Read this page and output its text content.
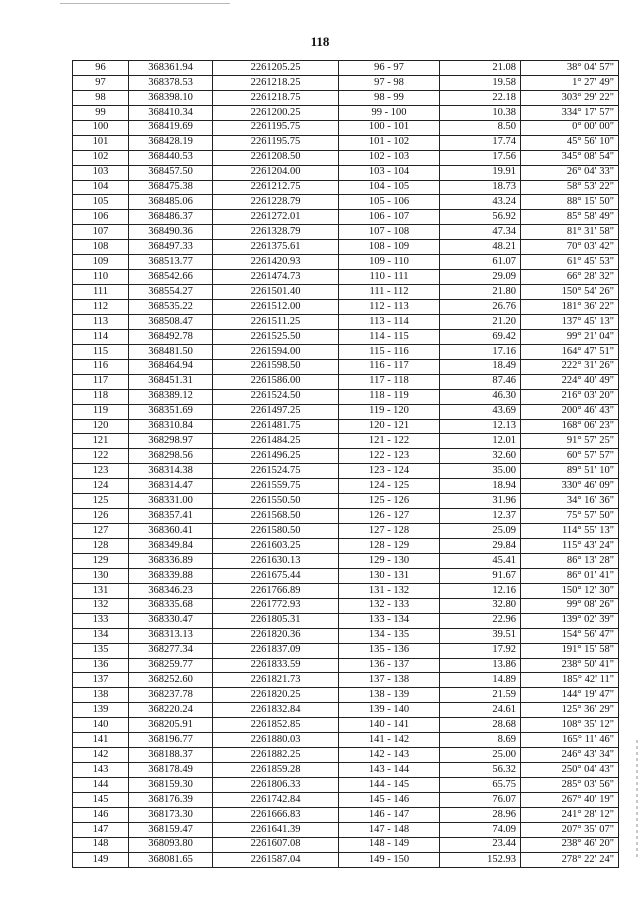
118
96	368361.94	2261205.25	96 - 97	21.08	38° 04' 57"
97	368378.53	2261218.25	97 - 98	19.58	1° 27' 49"
98	368398.10	2261218.75	98 - 99	22.18	303° 29' 22"
99	368410.34	2261200.25	99 - 100	10.38	334° 17' 57"
100	368419.69	2261195.75	100 - 101	8.50	0° 00' 00"
101	368428.19	2261195.75	101 - 102	17.74	45° 56' 10"
102	368440.53	2261208.50	102 - 103	17.56	345° 08' 54"
103	368457.50	2261204.00	103 - 104	19.91	26° 04' 33"
104	368475.38	2261212.75	104 - 105	18.73	58° 53' 22"
105	368485.06	2261228.79	105 - 106	43.24	88° 15' 50"
106	368486.37	2261272.01	106 - 107	56.92	85° 58' 49"
107	368490.36	2261328.79	107 - 108	47.34	81° 31' 58"
108	368497.33	2261375.61	108 - 109	48.21	70° 03' 42"
109	368513.77	2261420.93	109 - 110	61.07	61° 45' 53"
110	368542.66	2261474.73	110 - 111	29.09	66° 28' 32"
111	368554.27	2261501.40	111 - 112	21.80	150° 54' 26"
112	368535.22	2261512.00	112 - 113	26.76	181° 36' 22"
113	368508.47	2261511.25	113 - 114	21.20	137° 45' 13"
114	368492.78	2261525.50	114 - 115	69.42	99° 21' 04"
115	368481.50	2261594.00	115 - 116	17.16	164° 47' 51"
116	368464.94	2261598.50	116 - 117	18.49	222° 31' 26"
117	368451.31	2261586.00	117 - 118	87.46	224° 40' 49"
118	368389.12	2261524.50	118 - 119	46.30	216° 03' 20"
119	368351.69	2261497.25	119 - 120	43.69	200° 46' 43"
120	368310.84	2261481.75	120 - 121	12.13	168° 06' 23"
121	368298.97	2261484.25	121 - 122	12.01	91° 57' 25"
122	368298.56	2261496.25	122 - 123	32.60	60° 57' 57"
123	368314.38	2261524.75	123 - 124	35.00	89° 51' 10"
124	368314.47	2261559.75	124 - 125	18.94	330° 46' 09"
125	368331.00	2261550.50	125 - 126	31.96	34° 16' 36"
126	368357.41	2261568.50	126 - 127	12.37	75° 57' 50"
127	368360.41	2261580.50	127 - 128	25.09	114° 55' 13"
128	368349.84	2261603.25	128 - 129	29.84	115° 43' 24"
129	368336.89	2261630.13	129 - 130	45.41	86° 13' 28"
130	368339.88	2261675.44	130 - 131	91.67	86° 01' 41"
131	368346.23	2261766.89	131 - 132	12.16	150° 12' 30"
132	368335.68	2261772.93	132 - 133	32.80	99° 08' 26"
133	368330.47	2261805.31	133 - 134	22.96	139° 02' 39"
134	368313.13	2261820.36	134 - 135	39.51	154° 56' 47"
135	368277.34	2261837.09	135 - 136	17.92	191° 15' 58"
136	368259.77	2261833.59	136 - 137	13.86	238° 50' 41"
137	368252.60	2261821.73	137 - 138	14.89	185° 42' 11"
138	368237.78	2261820.25	138 - 139	21.59	144° 19' 47"
139	368220.24	2261832.84	139 - 140	24.61	125° 36' 29"
140	368205.91	2261852.85	140 - 141	28.68	108° 35' 12"
141	368196.77	2261880.03	141 - 142	8.69	165° 11' 46"
142	368188.37	2261882.25	142 - 143	25.00	246° 43' 34"
143	368178.49	2261859.28	143 - 144	56.32	250° 04' 43"
144	368159.30	2261806.33	144 - 145	65.75	285° 03' 56"
145	368176.39	2261742.84	145 - 146	76.07	267° 40' 19"
146	368173.30	2261666.83	146 - 147	28.96	241° 28' 12"
147	368159.47	2261641.39	147 - 148	74.09	207° 35' 07"
148	368093.80	2261607.08	148 - 149	23.44	238° 46' 20"
149	368081.65	2261587.04	149 - 150	152.93	278° 22' 24"
